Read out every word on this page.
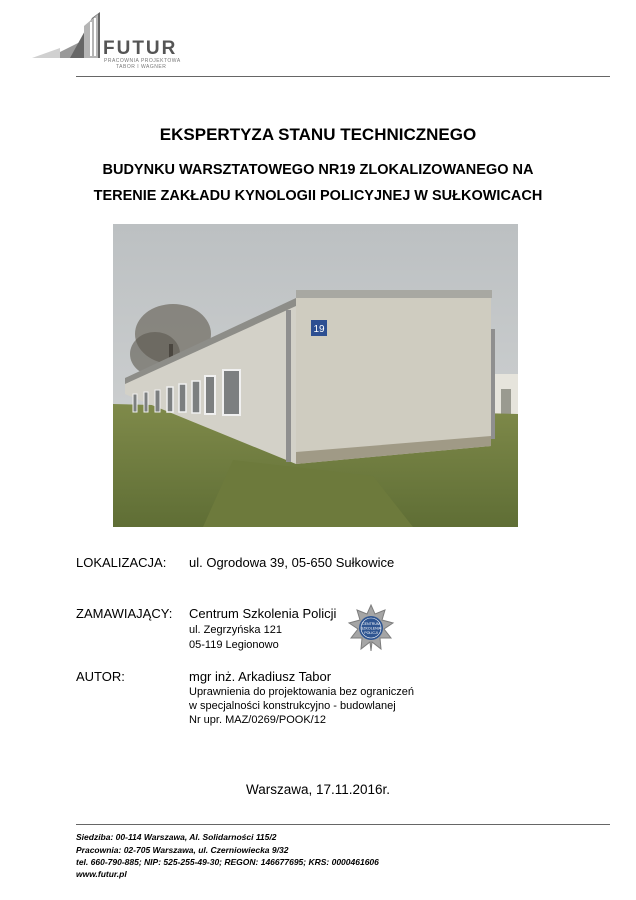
FUTUR
PRACOWNIA PROJEKTOWA
TABOR I WAGNER
EKSPERTYZA STANU TECHNICZNEGO
BUDYNKU WARSZTATOWEGO NR19 ZLOKALIZOWANEGO NA
TERENIE ZAKŁADU KYNOLOGII POLICYJNEJ W SUŁKOWICACH
19
LOKALIZACJA: ul. Ogrodowa 39, 05-650 Sułkowice
ZAMAWIAJĄCY: Centrum Szkolenia Policji
ul. Zegrzyńska 121
05-119 Legionowo
CENTRUM
SZKOLENIA
POLICJI
AUTOR:	mgr inż. Arkadiusz Tabor
Uprawnienia do projektowania bez ograniczeń
w specjalności konstrukcyjno - budowlanej
Nr upr. MAZ/0269/POOK/12
Warszawa, 17.11.2016r.
Siedziba: 00-114 Warszawa, Al. Solidarności 115/2
Pracownia: 02-705 Warszawa, ul. Czerniowiecka 9/32
tel. 660-790-885; NIP: 525-255-49-30; REGON: 146677695; KRS: 0000461606
www.futur.pl
